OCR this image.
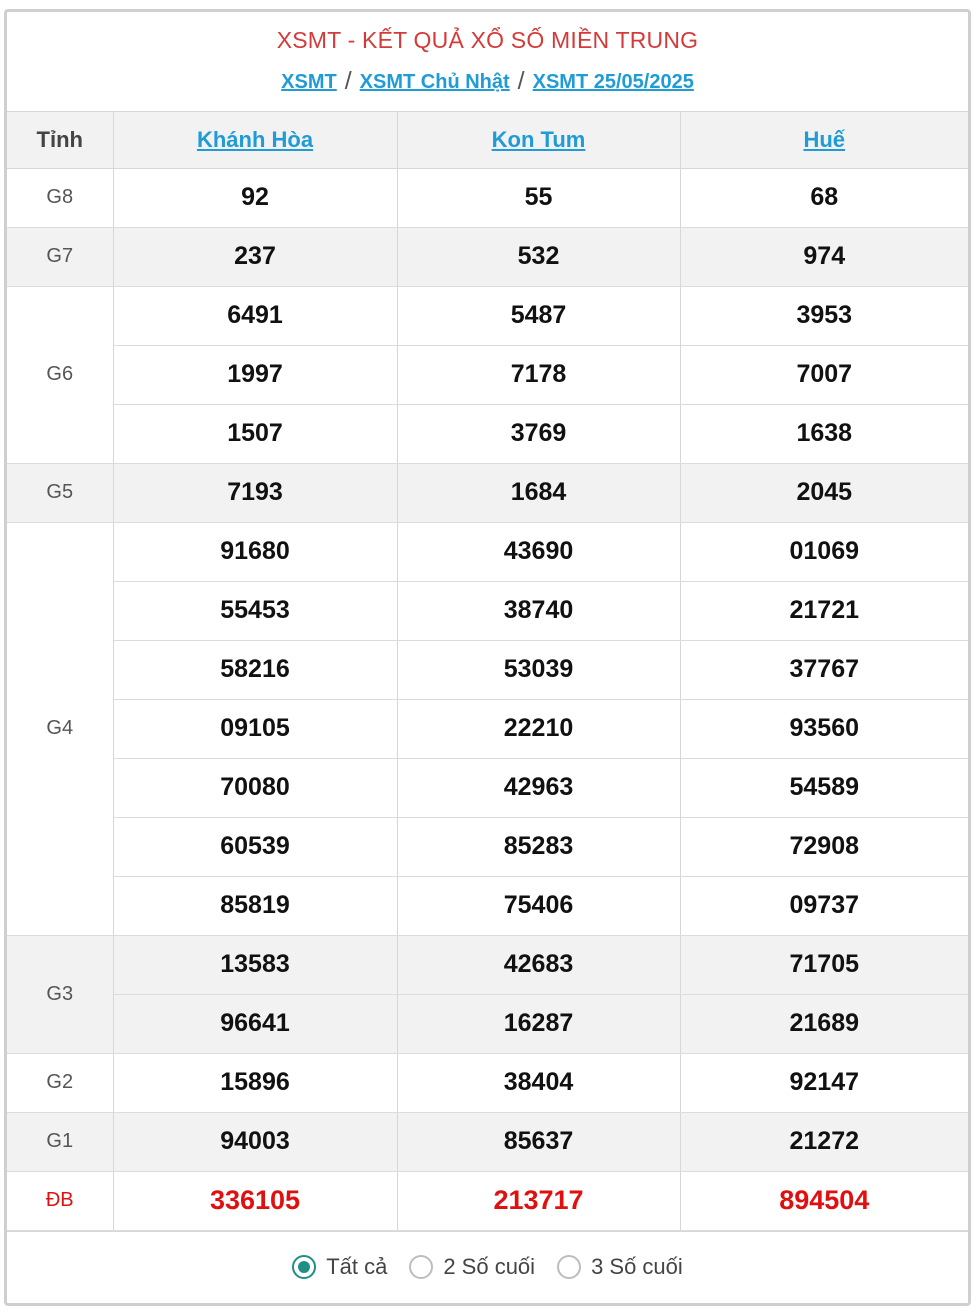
XSMT - KẾT QUẢ XỔ SỐ MIỀN TRUNG
XSMT / XSMT Chủ Nhật / XSMT 25/05/2025
Tỉnh	Khánh Hòa	Kon Tum	Huế
G8	92	55	68
G7	237	532	974
G6	6491	5487	3953
	1997	7178	7007
	1507	3769	1638
G5	7193	1684	2045
G4	91680	43690	01069
	55453	38740	21721
	58216	53039	37767
	09105	22210	93560
	70080	42963	54589
	60539	85283	72908
	85819	75406	09737
G3	13583	42683	71705
	96641	16287	21689
G2	15896	38404	92147
G1	94003	85637	21272
ĐB	336105	213717	894504
Tất cả	2 Số cuối	3 Số cuối
